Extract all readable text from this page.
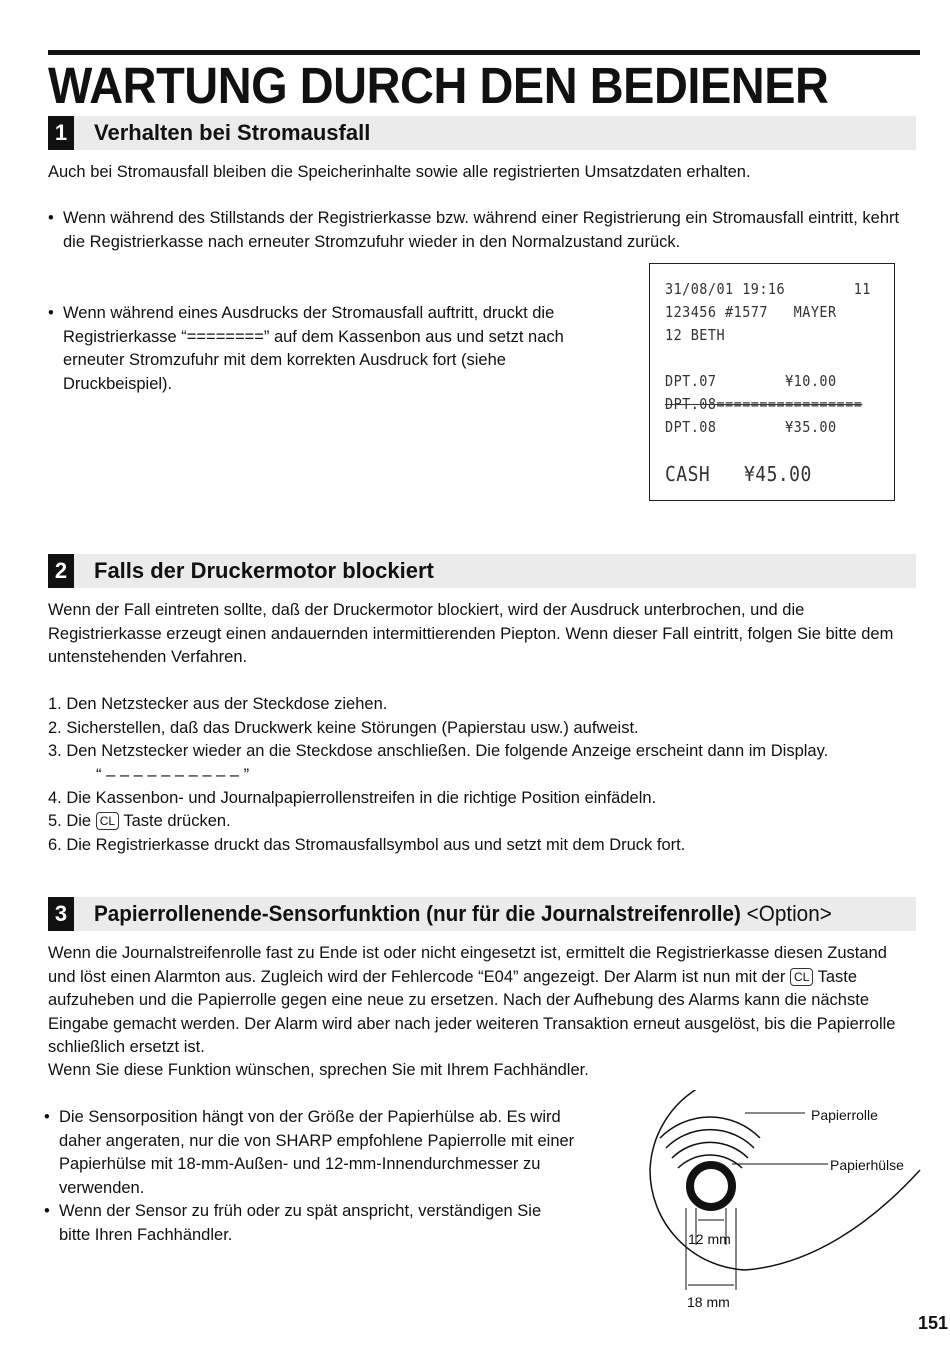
WARTUNG DURCH DEN BEDIENER
1	Verhalten bei Stromausfall
Auch bei Stromausfall bleiben die Speicherinhalte sowie alle registrierten Umsatzdaten erhalten.
• Wenn während des Stillstands der Registrierkasse bzw. während einer Registrierung ein Stromausfall eintritt, kehrt die Registrierkasse nach erneuter Stromzufuhr wieder in den Normalzustand zurück.
• Wenn während eines Ausdrucks der Stromausfall auftritt, druckt die
Registrierkasse “========” auf dem Kassenbon aus und setzt nach
erneuter Stromzufuhr mit dem korrekten Ausdruck fort (siehe
Druckbeispiel).
31/08/01 19:16        11
123456 #1577   MAYER
12 BETH
DPT.07        ¥10.00
DPT.08=================
DPT.08        ¥35.00
CASH   ¥45.00
2	Falls der Druckermotor blockiert
Wenn der Fall eintreten sollte, daß der Druckermotor blockiert, wird der Ausdruck unterbrochen, und die Registrierkasse erzeugt einen andauernden intermittierenden Piepton. Wenn dieser Fall eintritt, folgen Sie bitte dem untenstehenden Verfahren.
1. Den Netzstecker aus der Steckdose ziehen.
2. Sicherstellen, daß das Druckwerk keine Störungen (Papierstau usw.) aufweist.
3. Den Netzstecker wieder an die Steckdose anschließen. Die folgende Anzeige erscheint dann im Display.
“ – – – – – – – – – – ”
4. Die Kassenbon- und Journalpapierrollenstreifen in die richtige Position einfädeln.
5. Die CL Taste drücken.
6. Die Registrierkasse druckt das Stromausfallsymbol aus und setzt mit dem Druck fort.
3	Papierrollenende-Sensorfunktion (nur für die Journalstreifenrolle) <Option>
Wenn die Journalstreifenrolle fast zu Ende ist oder nicht eingesetzt ist, ermittelt die Registrierkasse diesen Zustand und löst einen Alarmton aus. Zugleich wird der Fehlercode “E04” angezeigt. Der Alarm ist nun mit der CL Taste aufzuheben und die Papierrolle gegen eine neue zu ersetzen. Nach der Aufhebung des Alarms kann die nächste Eingabe gemacht werden. Der Alarm wird aber nach jeder weiteren Transaktion erneut ausgelöst, bis die Papierrolle schließlich ersetzt ist.
Wenn Sie diese Funktion wünschen, sprechen Sie mit Ihrem Fachhändler.
• Die Sensorposition hängt von der Größe der Papierhülse ab. Es wird
daher angeraten, nur die von SHARP empfohlene Papierrolle mit einer
Papierhülse mit 18-mm-Außen- und 12-mm-Innendurchmesser zu
verwenden.
• Wenn der Sensor zu früh oder zu spät anspricht, verständigen Sie
bitte Ihren Fachhändler.
Papierrolle
Papierhülse
12 mm
18 mm
151
